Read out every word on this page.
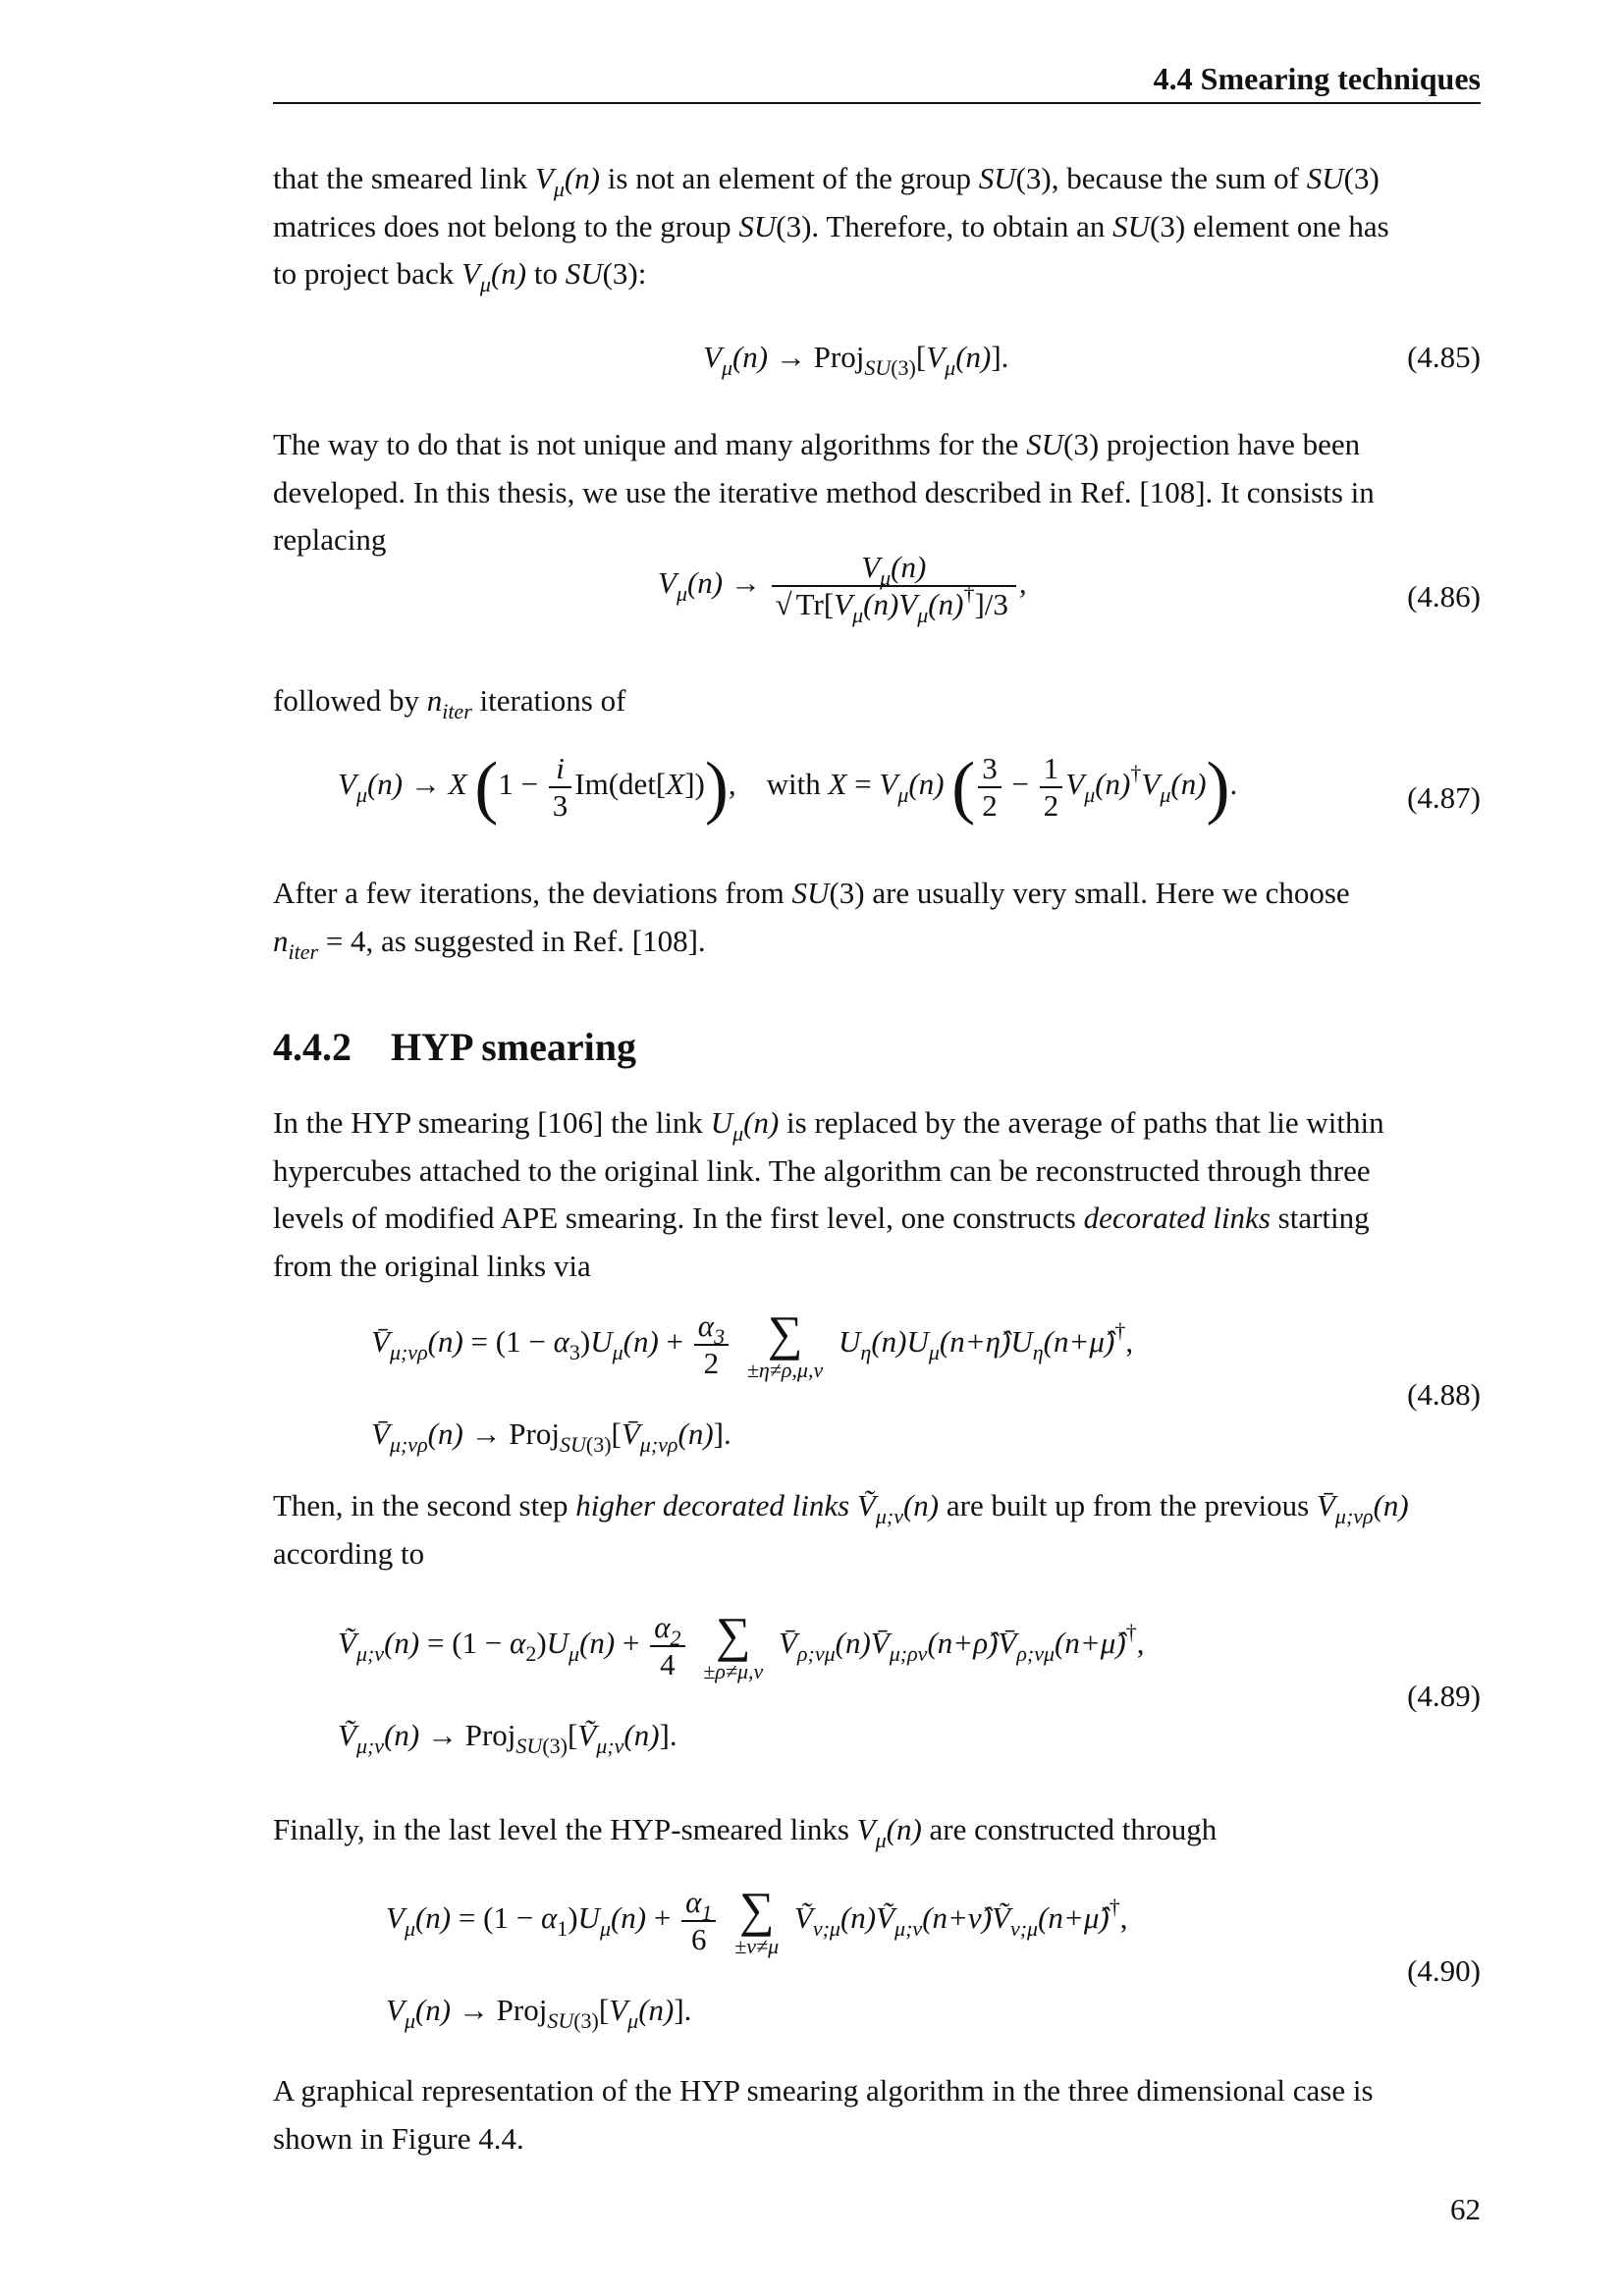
4.4 Smearing techniques
that the smeared link $V_\mu(n)$ is not an element of the group SU(3), because the sum of SU(3)
matrices does not belong to the group SU(3). Therefore, to obtain an SU(3) element one has
to project back $V_\mu(n)$ to SU(3):
$V_\mu(n)$ → $Proj_{SU(3)}[V_\mu(n)]$.	(4.85)
The way to do that is not unique and many algorithms for the SU(3) projection have been
developed. In this thesis, we use the iterative method described in Ref. [108]. It consists in
replacing
$V_\mu(n) \to \frac{V_\mu(n)}{√ Tr[V_\mu(n)V_\mu(n)^\dagger]/3}$ ,	(4.86)
followed by $n_{iter}$ iterations of
$V_\mu(n) \to X$ $(1 - \frac{i}{3} Im(\det[X]))$,    with $X = V_\mu(n)$ ( $\frac{3}{2} - \frac{1}{2} V_\mu(n)^\dagger V_\mu(n)$).	(4.87)
After a few iterations, the deviations from SU(3) are usually very small. Here we choose
$n_{iter} = 4$, as suggested in Ref. [108].
4.4.2 HYP smearing
In the HYP smearing [106] the link $U_\mu(n)$ is replaced by the average of paths that lie within
hypercubes attached to the original link. The algorithm can be reconstructed through three
levels of modified APE smearing. In the first level, one constructs decorated links starting
from the original links via
$V̄_{\mu;\nu\rho}(n) = (1 - \alpha_3)U_\mu(n) + \frac{\alpha_3}{2}$
∑
±η≠ρ,μ,ν
$U_\eta(n)U_\mu(n+\etâ)U_\eta(n+\mû)^\dagger$,
$V̄_{\mu;\nu\rho}(n)$ → $Proj_{SU(3)}[V̄_{\mu;\nu\rho}(n)]$.
(4.88)
Then, in the second step higher decorated links Ṽ$_{\mu;\nu}$(n) are built up from the previous $V̄_{\mu;\nu\rho}(n)$
according to
Ṽ$_{\mu;\nu}$(n) = $(1 - \alpha_2)U_\mu(n) + \frac{\alpha_2}{4}$
∑
±ρ≠μ,ν
$V̄_{\rho;\nu\mu}(n)V̄_{\mu;\rho\nu}(n+\rhô)V̄_{\rho;\nu\mu}(n+\mû)^\dagger$,
Ṽ$_{\mu;\nu}$(n) → Proj$_{SU(3)}$[Ṽ$_{\mu;\nu}$(n)].
(4.89)
Finally, in the last level the HYP-smeared links $V_\mu(n)$ are constructed through
$V_\mu(n) = (1 - \alpha_1)U_\mu(n) + \frac{\alpha_1}{6}$
∑
±ν≠μ
Ṽ$_{\nu;\mu}$(n)Ṽ$_{\mu;\nu}$(n+ν̂)Ṽ$_{\nu;\mu}$(n+μ̂)†,
$V_\mu(n)$ → $Proj_{SU(3)}[V_\mu(n)]$.
(4.90)
A graphical representation of the HYP smearing algorithm in the three dimensional case is
shown in Figure 4.4.
62
